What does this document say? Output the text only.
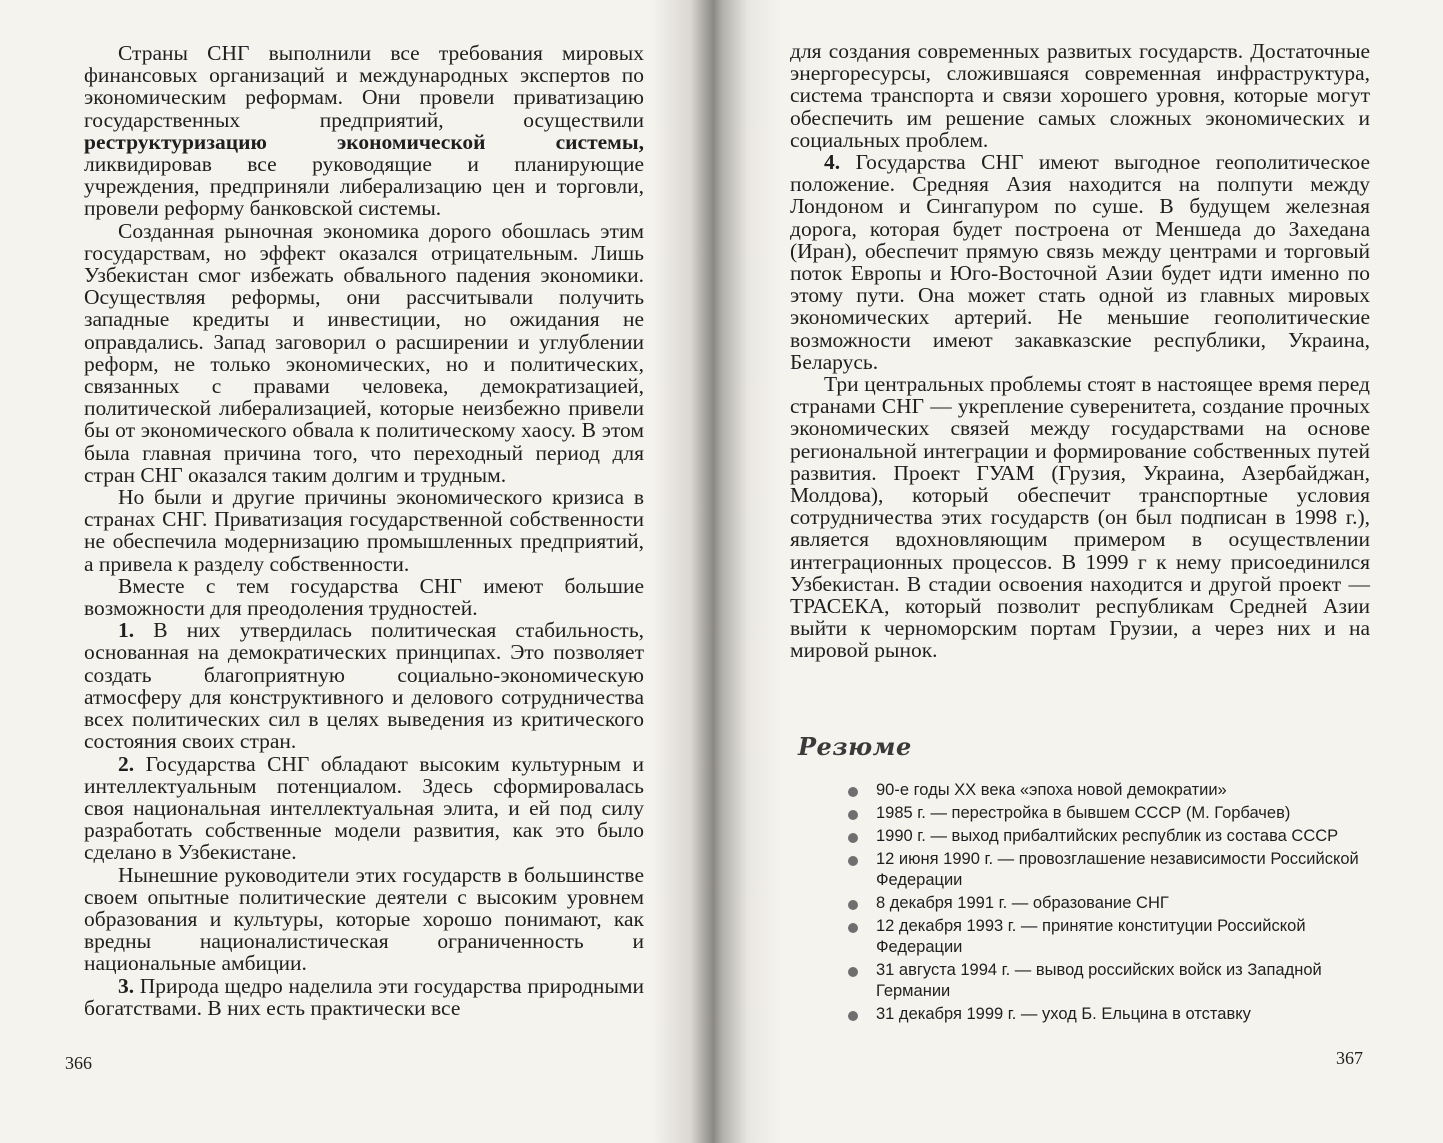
Страны СНГ выполнили все требования мировых финансовых организаций и международных экспертов по экономическим реформам. Они провели приватизацию государственных предприятий, осуществили реструктуризацию экономической системы, ликвидировав все руководящие и планирующие учреждения, предприняли либерализацию цен и торговли, провели реформу банковской системы.

Созданная рыночная экономика дорого обошлась этим государствам, но эффект оказался отрицательным. Лишь Узбекистан смог избежать обвального падения экономики. Осуществляя реформы, они рассчитывали получить западные кредиты и инвестиции, но ожидания не оправдались. Запад заговорил о расширении и углублении реформ, не только экономических, но и политических, связанных с правами человека, демократизацией, политической либерализацией, которые неизбежно привели бы от экономического обвала к политическому хаосу. В этом была главная причина того, что переходный период для стран СНГ оказался таким долгим и трудным.

Но были и другие причины экономического кризиса в странах СНГ. Приватизация государственной собственности не обеспечила модернизацию промышленных предприятий, а привела к разделу собственности.

Вместе с тем государства СНГ имеют большие возможности для преодоления трудностей.

1. В них утвердилась политическая стабильность, основанная на демократических принципах. Это позволяет создать благоприятную социально-экономическую атмосферу для конструктивного и делового сотрудничества всех политических сил в целях выведения из критического состояния своих стран.

2. Государства СНГ обладают высоким культурным и интеллектуальным потенциалом. Здесь сформировалась своя национальная интеллектуальная элита, и ей под силу разработать собственные модели развития, как это было сделано в Узбекистане.

Нынешние руководители этих государств в большинстве своем опытные политические деятели с высоким уровнем образования и культуры, которые хорошо понимают, как вредны националистическая ограниченность и национальные амбиции.

3. Природа щедро наделила эти государства природными богатствами. В них есть практически все

366

для создания современных развитых государств. Достаточные энергоресурсы, сложившаяся современная инфраструктура, система транспорта и связи хорошего уровня, которые могут обеспечить им решение самых сложных экономических и социальных проблем.

4. Государства СНГ имеют выгодное геополитическое положение. Средняя Азия находится на полпути между Лондоном и Сингапуром по суше. В будущем железная дорога, которая будет построена от Меншеда до Захедана (Иран), обеспечит прямую связь между центрами и торговый поток Европы и Юго-Восточной Азии будет идти именно по этому пути. Она может стать одной из главных мировых экономических артерий. Не меньшие геополитические возможности имеют закавказские республики, Украина, Беларусь.

Три центральных проблемы стоят в настоящее время перед странами СНГ — укрепление суверенитета, создание прочных экономических связей между государствами на основе региональной интеграции и формирование собственных путей развития. Проект ГУАМ (Грузия, Украина, Азербайджан, Молдова), который обеспечит транспортные условия сотрудничества этих государств (он был подписан в 1998 г.), является вдохновляющим примером в осуществлении интеграционных процессов. В 1999 г к нему присоединился Узбекистан. В стадии освоения находится и другой проект — ТРАСЕКА, который позволит республикам Средней Азии выйти к черноморским портам Грузии, а через них и на мировой рынок.

Резюме
90-е годы XX века «эпоха новой демократии»
1985 г. — перестройка в бывшем СССР (М. Горбачев)
1990 г. — выход прибалтийских республик из состава СССР
12 июня 1990 г. — провозглашение независимости Российской Федерации
8 декабря 1991 г. — образование СНГ
12 декабря 1993 г. — принятие конституции Российской Федерации
31 августа 1994 г. — вывод российских войск из Западной Германии
31 декабря 1999 г. — уход Б. Ельцина в отставку
367
